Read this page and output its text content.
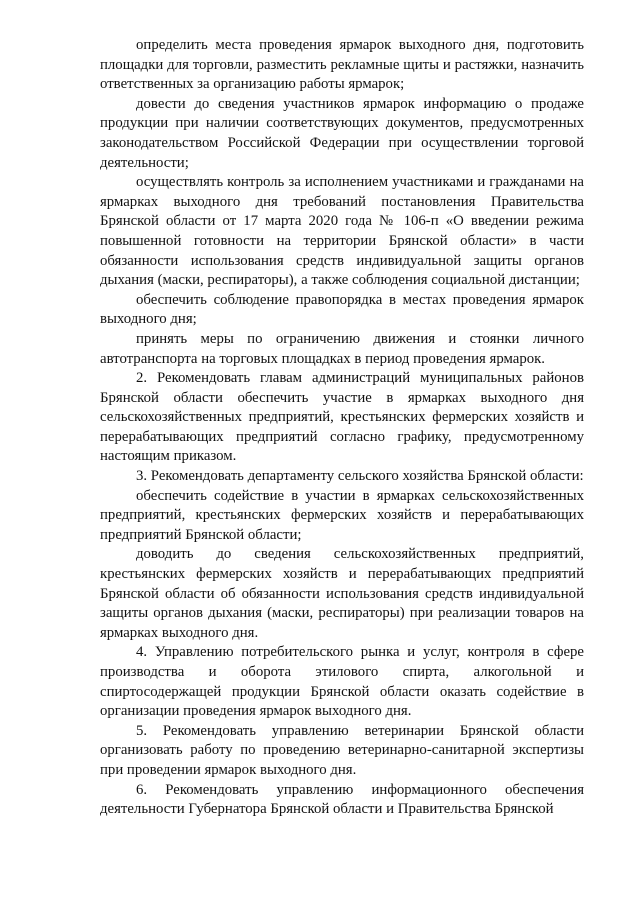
определить места проведения ярмарок выходного дня, подготовить площадки для торговли, разместить рекламные щиты и растяжки, назначить ответственных за организацию работы ярмарок;

довести до сведения участников ярмарок информацию о продаже продукции при наличии соответствующих документов, предусмотренных законодательством Российской Федерации при осуществлении торговой деятельности;

осуществлять контроль за исполнением участниками и гражданами на ярмарках выходного дня требований постановления Правительства Брянской области от 17 марта 2020 года № 106-п «О введении режима повышенной готовности на территории Брянской области» в части обязанности использования средств индивидуальной защиты органов дыхания (маски, респираторы), а также соблюдения социальной дистанции;

обеспечить соблюдение правопорядка в местах проведения ярмарок выходного дня;

принять меры по ограничению движения и стоянки личного автотранспорта на торговых площадках в период проведения ярмарок.

2. Рекомендовать главам администраций муниципальных районов Брянской области обеспечить участие в ярмарках выходного дня сельскохозяйственных предприятий, крестьянских фермерских хозяйств и перерабатывающих предприятий согласно графику, предусмотренному настоящим приказом.

3. Рекомендовать департаменту сельского хозяйства Брянской области:

обеспечить содействие в участии в ярмарках сельскохозяйственных предприятий, крестьянских фермерских хозяйств и перерабатывающих предприятий Брянской области;

доводить до сведения сельскохозяйственных предприятий, крестьянских фермерских хозяйств и перерабатывающих предприятий Брянской области об обязанности использования средств индивидуальной защиты органов дыхания (маски, респираторы) при реализации товаров на ярмарках выходного дня.

4. Управлению потребительского рынка и услуг, контроля в сфере производства и оборота этилового спирта, алкогольной и спиртосодержащей продукции Брянской области оказать содействие в организации проведения ярмарок выходного дня.

5. Рекомендовать управлению ветеринарии Брянской области организовать работу по проведению ветеринарно-санитарной экспертизы при проведении ярмарок выходного дня.

6. Рекомендовать управлению информационного обеспечения деятельности Губернатора Брянской области и Правительства Брянской
